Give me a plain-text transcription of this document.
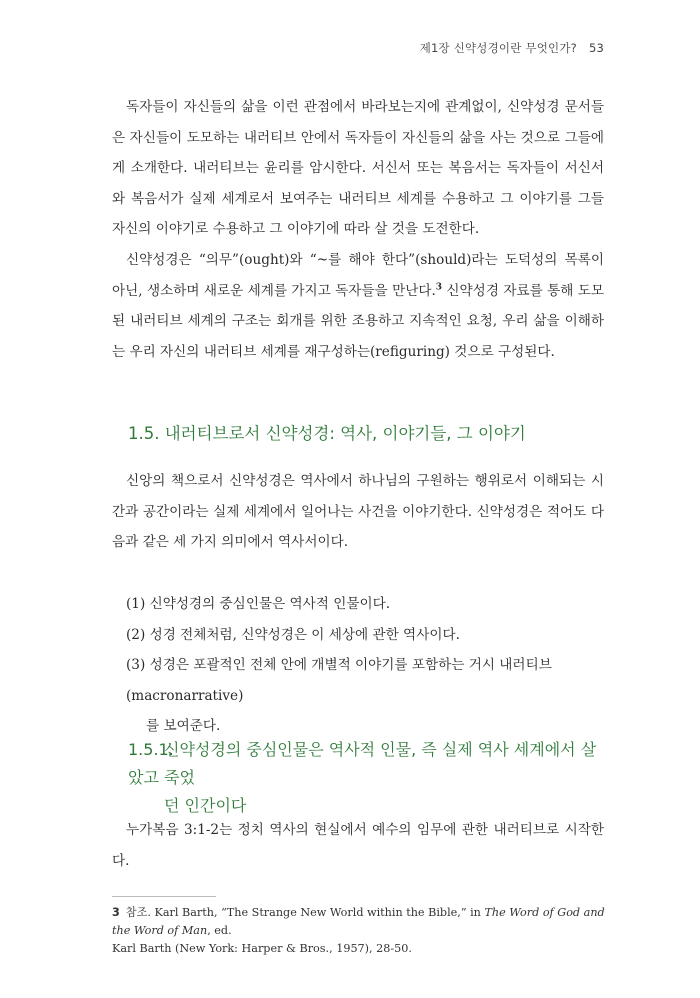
제1장 신약성경이란 무엇인가? 53

독자들이 자신들의 삶을 이런 관점에서 바라보는지에 관계없이, 신약성경 문서들은 자신들이 도모하는 내러티브 안에서 독자들이 자신들의 삶을 사는 것으로 그들에게 소개한다. 내러티브는 윤리를 암시한다. 서신서 또는 복음서는 독자들이 서신서와 복음서가 실제 세계로서 보여주는 내러티브 세계를 수용하고 그 이야기를 그들 자신의 이야기로 수용하고 그 이야기에 따라 살 것을 도전한다.

신약성경은 “의무”(ought)와 “~를 해야 한다”(should)라는 도덕성의 목록이 아닌, 생소하며 새로운 세계를 가지고 독자들을 만난다.$^3$ 신약성경 자료를 통해 도모된 내러티브 세계의 구조는 회개를 위한 조용하고 지속적인 요청, 우리 삶을 이해하는 우리 자신의 내러티브 세계를 재구성하는(refiguring) 것으로 구성된다.

1.5. 내러티브로서 신약성경: 역사, 이야기들, 그 이야기

신앙의 책으로서 신약성경은 역사에서 하나님의 구원하는 행위로서 이해되는 시간과 공간이라는 실제 세계에서 일어나는 사건을 이야기한다. 신약성경은 적어도 다음과 같은 세 가지 의미에서 역사서이다.

(1) 신약성경의 중심인물은 역사적 인물이다.
(2) 성경 전체처럼, 신약성경은 이 세상에 관한 역사이다.
(3) 성경은 포괄적인 전체 안에 개별적 이야기를 포함하는 거시 내러티브(macronarrative)
를 보여준다.
1.5.1.신약성경의 중심인물은 역사적 인물, 즉 실제 역사 세계에서 살았고 죽었
던 인간이다

누가복음 3:1-2는 정치 역사의 현실에서 예수의 임무에 관한 내러티브로 시작한다.

3 참조. Karl Barth, “The Strange New World within the Bible,” in The Word of God and the Word of Man, ed.
Karl Barth (New York: Harper & Bros., 1957), 28-50.
